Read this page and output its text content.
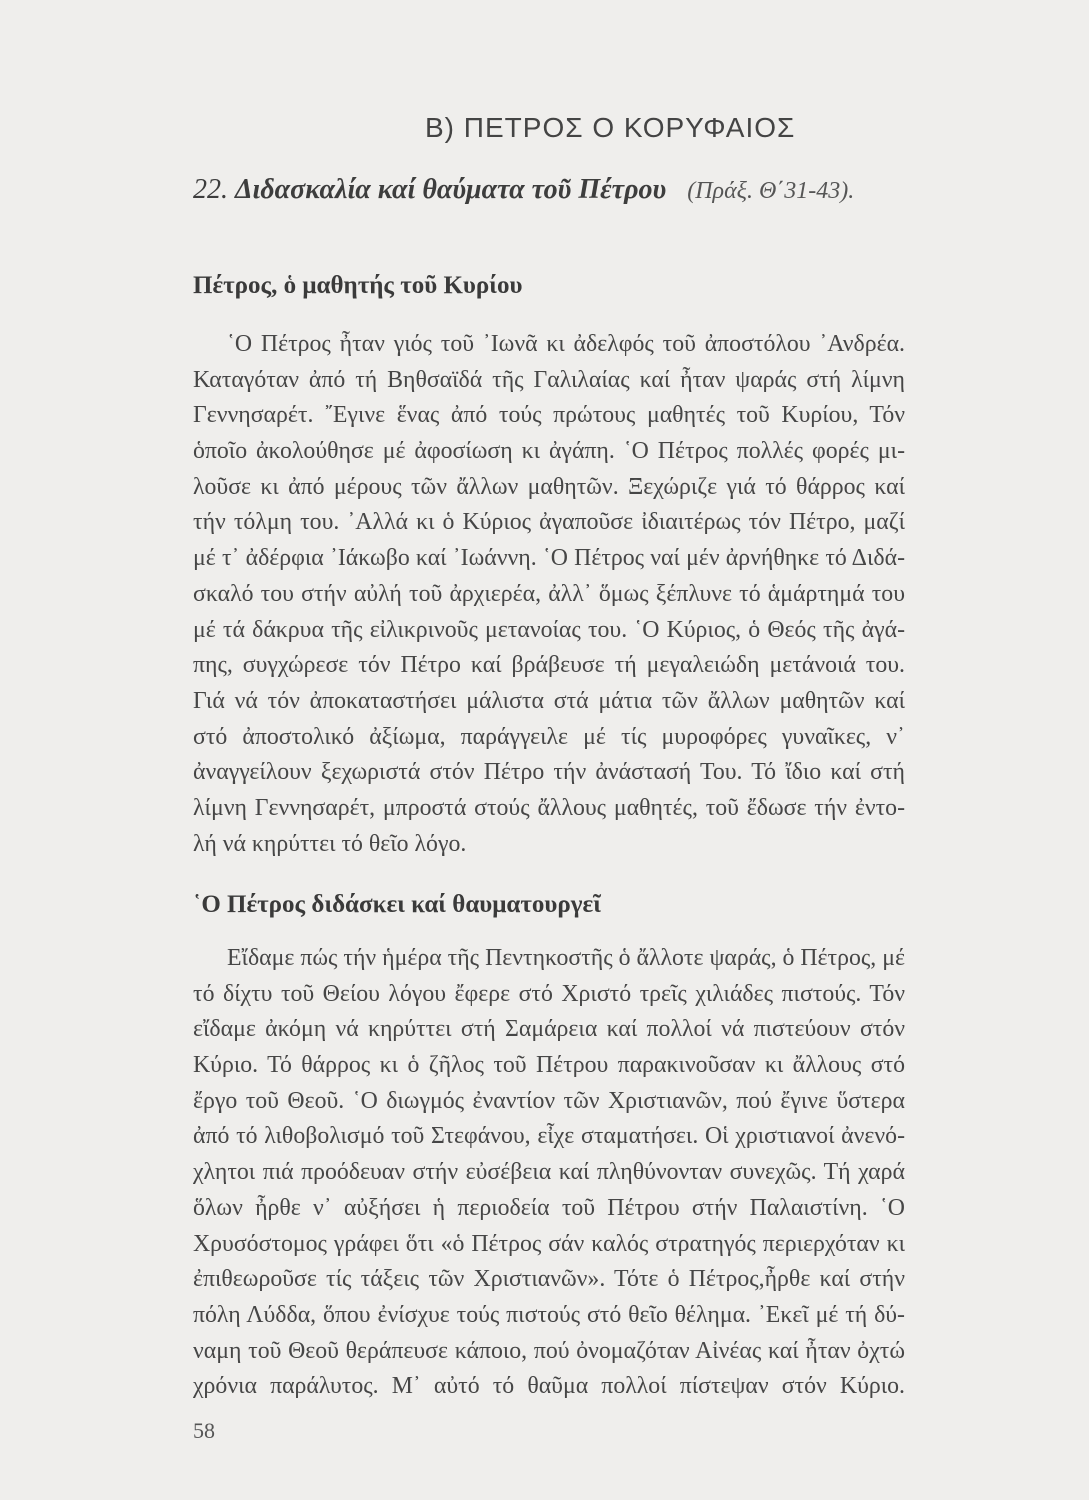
B) ΠΕΤΡΟΣ Ο ΚΟΡΥΦΑΙΟΣ
22. Διδασκαλία καί θαύματα τοῦ Πέτρου (Πράξ. Θ΄31-43).
Πέτρος, ὁ μαθητής τοῦ Κυρίου
῾Ο Πέτρος ἦταν γιός τοῦ ᾿Ιωνᾶ κι ἀδελφός τοῦ ἀποστόλου ᾿Ανδρέα.
Καταγόταν ἀπό τή Βηθσαϊδά τῆς Γαλιλαίας καί ἦταν ψαράς στή λίμνη
Γεννησαρέτ. ῎Εγινε ἕνας ἀπό τούς πρώτους μαθητές τοῦ Κυρίου, Τόν
ὁποῖο ἀκολούθησε μέ ἀφοσίωση κι ἀγάπη. ῾Ο Πέτρος πολλές φορές μι-
λοῦσε κι ἀπό μέρους τῶν ἄλλων μαθητῶν. Ξεχώριζε γιά τό θάρρος καί
τήν τόλμη του. ᾿Αλλά κι ὁ Κύριος ἀγαποῦσε ἰδιαιτέρως τόν Πέτρο, μαζί
μέ τ᾿ ἀδέρφια ᾿Ιάκωβο καί ᾿Ιωάννη. ῾Ο Πέτρος ναί μέν ἀρνήθηκε τό Διδά-
σκαλό του στήν αὐλή τοῦ ἀρχιερέα, ἀλλ᾿ ὅμως ξέπλυνε τό ἁμάρτημά του
μέ τά δάκρυα τῆς εἰλικρινοῦς μετανοίας του. ῾Ο Κύριος, ὁ Θεός τῆς ἀγά-
πης, συγχώρεσε τόν Πέτρο καί βράβευσε τή μεγαλειώδη μετάνοιά του.
Γιά νά τόν ἀποκαταστήσει μάλιστα στά μάτια τῶν ἄλλων μαθητῶν καί
στό ἀποστολικό ἀξίωμα, παράγγειλε μέ τίς μυροφόρες γυναῖκες, ν᾿
ἀναγγείλουν ξεχωριστά στόν Πέτρο τήν ἀνάστασή Του. Τό ἴδιο καί στή
λίμνη Γεννησαρέτ, μπροστά στούς ἄλλους μαθητές, τοῦ ἔδωσε τήν ἐντο-
λή νά κηρύττει τό θεῖο λόγο.
῾Ο Πέτρος διδάσκει καί θαυματουργεῖ
Εἴδαμε πώς τήν ἡμέρα τῆς Πεντηκοστῆς ὁ ἄλλοτε ψαράς, ὁ Πέτρος, μέ
τό δίχτυ τοῦ Θείου λόγου ἔφερε στό Χριστό τρεῖς χιλιάδες πιστούς. Τόν
εἴδαμε ἀκόμη νά κηρύττει στή Σαμάρεια καί πολλοί νά πιστεύουν στόν
Κύριο. Τό θάρρος κι ὁ ζῆλος τοῦ Πέτρου παρακινοῦσαν κι ἄλλους στό
ἔργο τοῦ Θεοῦ. ῾Ο διωγμός ἐναντίον τῶν Χριστιανῶν, πού ἔγινε ὕστερα
ἀπό τό λιθοβολισμό τοῦ Στεφάνου, εἶχε σταματήσει. Οἱ χριστιανοί ἀνενό-
χλητοι πιά προόδευαν στήν εὐσέβεια καί πληθύνονταν συνεχῶς. Τή χαρά
ὅλων ἦρθε ν᾿ αὐξήσει ἡ περιοδεία τοῦ Πέτρου στήν Παλαιστίνη. ῾Ο
Χρυσόστομος γράφει ὅτι «ὁ Πέτρος σάν καλός στρατηγός περιερχόταν κι
ἐπιθεωροῦσε τίς τάξεις τῶν Χριστιανῶν». Τότε ὁ Πέτρος,ἦρθε καί στήν
πόλη Λύδδα, ὅπου ἐνίσχυε τούς πιστούς στό θεῖο θέλημα. ᾿Εκεῖ μέ τή δύ-
ναμη τοῦ Θεοῦ θεράπευσε κάποιο, πού ὀνομαζόταν Αἰνέας καί ἦταν ὀχτώ
χρόνια παράλυτος. Μ᾿ αὐτό τό θαῦμα πολλοί πίστεψαν στόν Κύριο.
58
